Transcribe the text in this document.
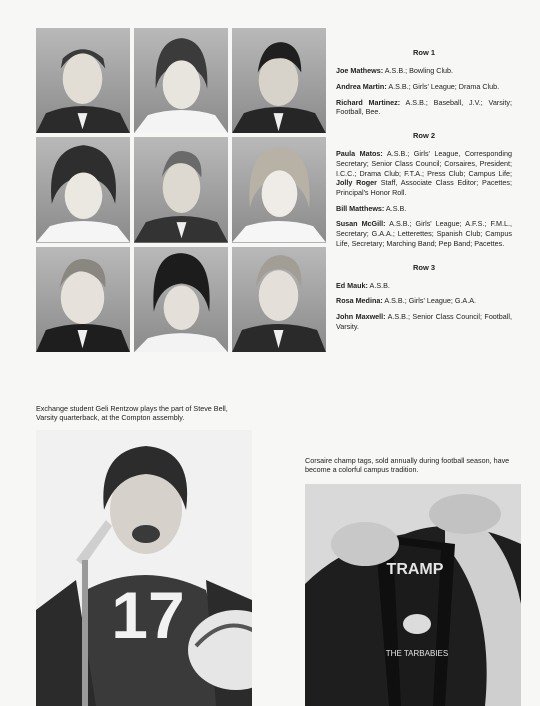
Row 1

Joe Mathews: A.S.B.; Bowling Club.

Andrea Martin: A.S.B.; Girls' League; Drama Club.

Richard Martinez: A.S.B.; Baseball, J.V.; Varsity; Football, Bee.

Row 2

Paula Matos: A.S.B.; Girls' League, Corresponding Secretary; Senior Class Council; Corsaires, President; I.C.C.; Drama Club; F.T.A.; Press Club; Campus Life; Jolly Roger Staff, Associate Class Editor; Pacettes; Principal's Honor Roll.

Bill Matthews: A.S.B.

Susan McGill: A.S.B.; Girls' League; A.F.S.; F.M.L., Secretary; G.A.A.; Letterettes; Spanish Club; Campus Life, Secretary; Marching Band; Pep Band; Pacettes.

Row 3

Ed Mauk: A.S.B.

Rosa Medina: A.S.B.; Girls' League; G.A.A.

John Maxwell: A.S.B.; Senior Class Council; Football, Varsity.

Exchange student Geli Rentzow plays the part of Steve Bell, Varsity quarterback, at the Compton assembly.

Corsaire champ tags, sold annually during football season, have become a colorful campus tradition.

17
TRAMP
THE TARBABIES
